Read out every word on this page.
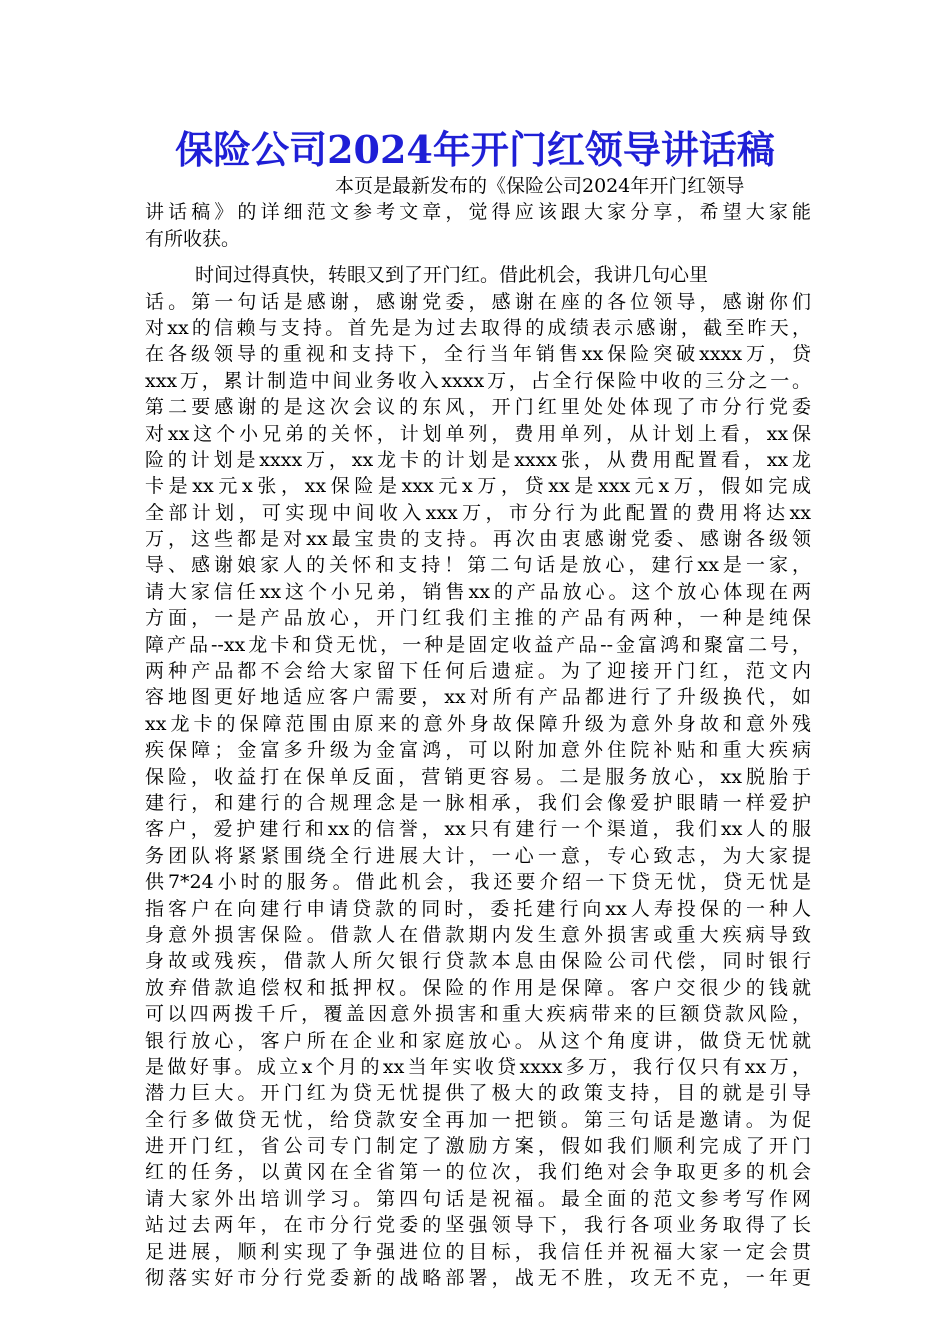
保险公司2024年开门红领导讲话稿
本页是最新发布的《保险公司2024年开门红领导
讲话稿》的详细范文参考文章，觉得应该跟大家分享，希望大家能
有所收获。
时间过得真快，转眼又到了开门红。借此机会，我讲几句心里
话。第一句话是感谢，感谢党委，感谢在座的各位领导，感谢你们
对xx的信赖与支持。首先是为过去取得的成绩表示感谢，截至昨天，
在各级领导的重视和支持下，全行当年销售xx保险突破xxxx万，贷
xxx万，累计制造中间业务收入xxxx万，占全行保险中收的三分之一。
第二要感谢的是这次会议的东风，开门红里处处体现了市分行党委
对xx这个小兄弟的关怀，计划单列，费用单列，从计划上看，xx保
险的计划是xxxx万，xx龙卡的计划是xxxx张，从费用配置看，xx龙
卡是xx元x张，xx保险是xxx元x万，贷xx是xxx元x万，假如完成
全部计划，可实现中间收入xxx万，市分行为此配置的费用将达xx
万，这些都是对xx最宝贵的支持。再次由衷感谢党委、感谢各级领
导、感谢娘家人的关怀和支持！第二句话是放心，建行xx是一家，
请大家信任xx这个小兄弟，销售xx的产品放心。这个放心体现在两
方面，一是产品放心，开门红我们主推的产品有两种，一种是纯保
障产品--xx龙卡和贷无忧，一种是固定收益产品--金富鸿和聚富二号，
两种产品都不会给大家留下任何后遗症。为了迎接开门红，范文内
容地图更好地适应客户需要，xx对所有产品都进行了升级换代，如
xx龙卡的保障范围由原来的意外身故保障升级为意外身故和意外残
疾保障；金富多升级为金富鸿，可以附加意外住院补贴和重大疾病
保险，收益打在保单反面，营销更容易。二是服务放心，xx脱胎于
建行，和建行的合规理念是一脉相承，我们会像爱护眼睛一样爱护
客户，爱护建行和xx的信誉，xx只有建行一个渠道，我们xx人的服
务团队将紧紧围绕全行进展大计，一心一意，专心致志，为大家提
供7*24小时的服务。借此机会，我还要介绍一下贷无忧，贷无忧是
指客户在向建行申请贷款的同时，委托建行向xx人寿投保的一种人
身意外损害保险。借款人在借款期内发生意外损害或重大疾病导致
身故或残疾，借款人所欠银行贷款本息由保险公司代偿，同时银行
放弃借款追偿权和抵押权。保险的作用是保障。客户交很少的钱就
可以四两拨千斤，覆盖因意外损害和重大疾病带来的巨额贷款风险，
银行放心，客户所在企业和家庭放心。从这个角度讲，做贷无忧就
是做好事。成立x个月的xx当年实收贷xxxx多万，我行仅只有xx万，
潜力巨大。开门红为贷无忧提供了极大的政策支持，目的就是引导
全行多做贷无忧，给贷款安全再加一把锁。第三句话是邀请。为促
进开门红，省公司专门制定了激励方案，假如我们顺利完成了开门
红的任务，以黄冈在全省第一的位次，我们绝对会争取更多的机会
请大家外出培训学习。第四句话是祝福。最全面的范文参考写作网
站过去两年，在市分行党委的坚强领导下，我行各项业务取得了长
足进展，顺利实现了争强进位的目标，我信任并祝福大家一定会贯
彻落实好市分行党委新的战略部署，战无不胜，攻无不克，一年更
